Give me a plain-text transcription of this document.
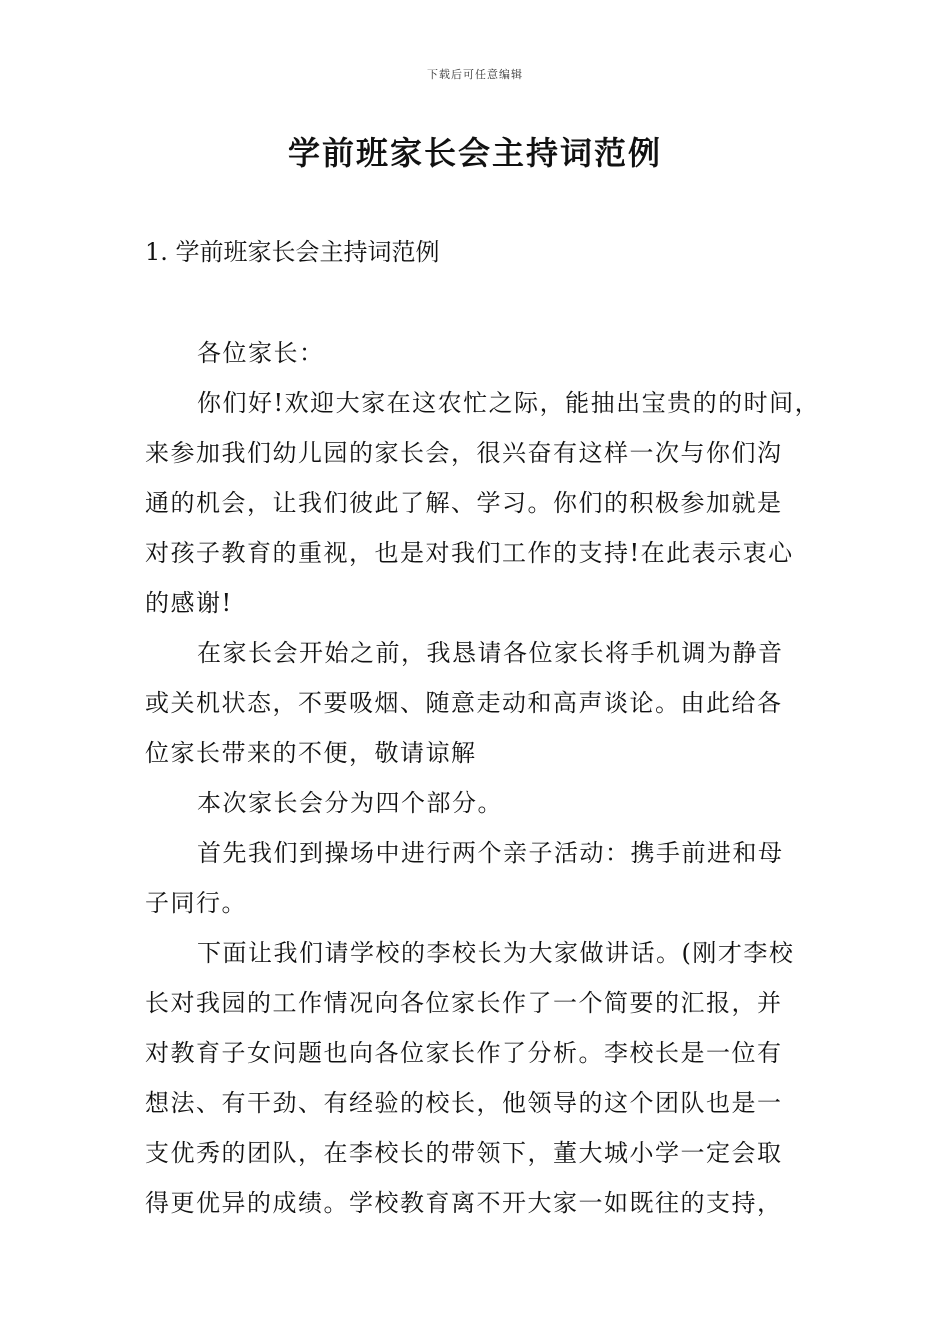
下载后可任意编辑
学前班家长会主持词范例
1. 学前班家长会主持词范例

各位家长：

你们好!欢迎大家在这农忙之际，能抽出宝贵的的时间，
来参加我们幼儿园的家长会，很兴奋有这样一次与你们沟
通的机会，让我们彼此了解、学习。你们的积极参加就是
对孩子教育的重视，也是对我们工作的支持!在此表示衷心
的感谢!

在家长会开始之前，我恳请各位家长将手机调为静音
或关机状态，不要吸烟、随意走动和高声谈论。由此给各
位家长带来的不便，敬请谅解

本次家长会分为四个部分。

首先我们到操场中进行两个亲子活动：携手前进和母
子同行。

下面让我们请学校的李校长为大家做讲话。(刚才李校
长对我园的工作情况向各位家长作了一个简要的汇报，并
对教育子女问题也向各位家长作了分析。李校长是一位有
想法、有干劲、有经验的校长，他领导的这个团队也是一
支优秀的团队，在李校长的带领下，董大城小学一定会取
得更优异的成绩。学校教育离不开大家一如既往的支持，
